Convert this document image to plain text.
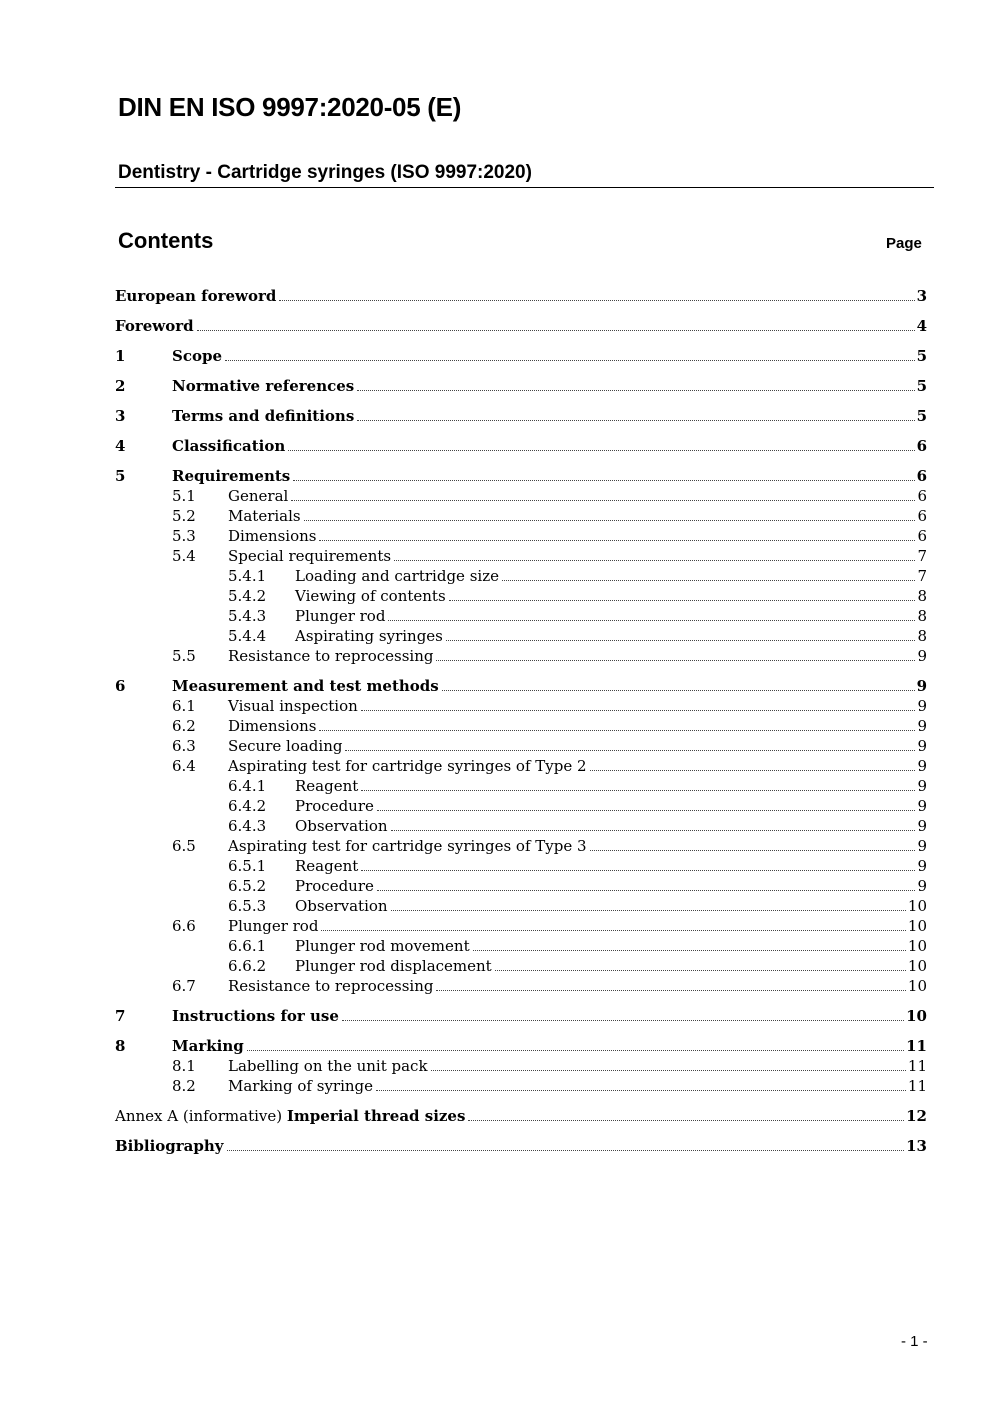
DIN EN ISO 9997:2020-05 (E)
Dentistry - Cartridge syringes (ISO 9997:2020)
Contents	Page
European foreword	3
Foreword	4
1	Scope	5
2	Normative references	5
3	Terms and definitions	5
4	Classification	6
5	Requirements	6
5.1	General	6
5.2	Materials	6
5.3	Dimensions	6
5.4	Special requirements	7
5.4.1	Loading and cartridge size	7
5.4.2	Viewing of contents	8
5.4.3	Plunger rod	8
5.4.4	Aspirating syringes	8
5.5	Resistance to reprocessing	9
6	Measurement and test methods	9
6.1	Visual inspection	9
6.2	Dimensions	9
6.3	Secure loading	9
6.4	Aspirating test for cartridge syringes of Type 2	9
6.4.1	Reagent	9
6.4.2	Procedure	9
6.4.3	Observation	9
6.5	Aspirating test for cartridge syringes of Type 3	9
6.5.1	Reagent	9
6.5.2	Procedure	9
6.5.3	Observation	10
6.6	Plunger rod	10
6.6.1	Plunger rod movement	10
6.6.2	Plunger rod displacement	10
6.7	Resistance to reprocessing	10
7	Instructions for use	10
8	Marking	11
8.1	Labelling on the unit pack	11
8.2	Marking of syringe	11
Annex A (informative) Imperial thread sizes	12
Bibliography	13
- 1 -
